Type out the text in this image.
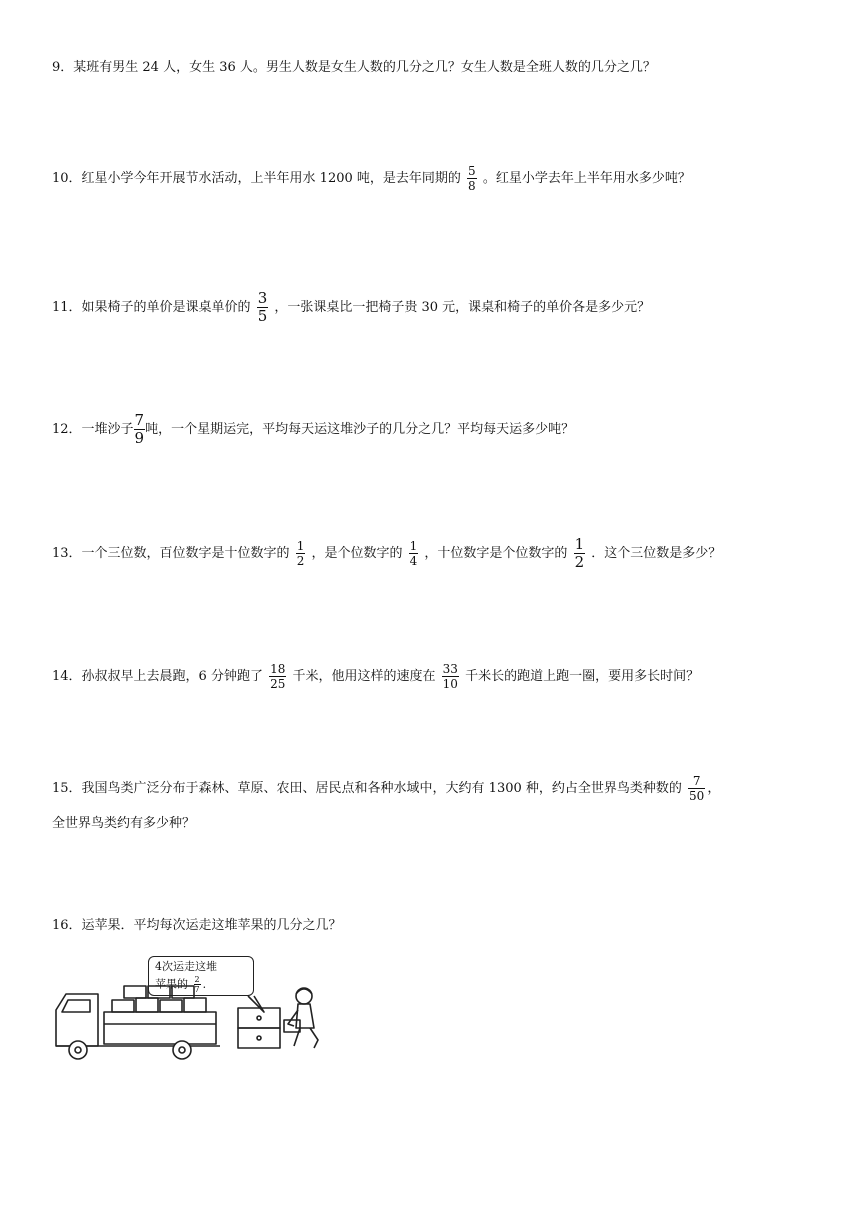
9．某班有男生 24 人，女生 36 人。男生人数是女生人数的几分之几？女生人数是全班人数的几分之几？
10．红星小学今年开展节水活动，上半年用水 1200 吨，是去年同期的 $\frac{5}{8}$ 。红星小学去年上半年用水多少吨？
11．如果椅子的单价是课桌单价的 $\frac{3}{5}$ ，一张课桌比一把椅子贵 30 元，课桌和椅子的单价各是多少元？
12．一堆沙子 $\frac{7}{9}$ 吨，一个星期运完，平均每天运这堆沙子的几分之几？平均每天运多少吨？
13．一个三位数，百位数字是十位数字的 $\frac{1}{2}$ ，是个位数字的 $\frac{1}{4}$ ，十位数字是个位数字的 $\frac{1}{2}$ ．这个三位数是多少？
14．孙叔叔早上去晨跑，6 分钟跑了 $\frac{18}{25}$ 千米，他用这样的速度在 $\frac{33}{10}$ 千米长的跑道上跑一圈，要用多长时间？
15．我国鸟类广泛分布于森林、草原、农田、居民点和各种水域中，大约有 1300 种，约占全世界鸟类种数的 $\frac{7}{50}$ ，
全世界鸟类约有多少种？
16．运苹果．平均每次运走这堆苹果的几分之几？
4次运走这堆
苹果的 $\frac{2}{7}$ ．
